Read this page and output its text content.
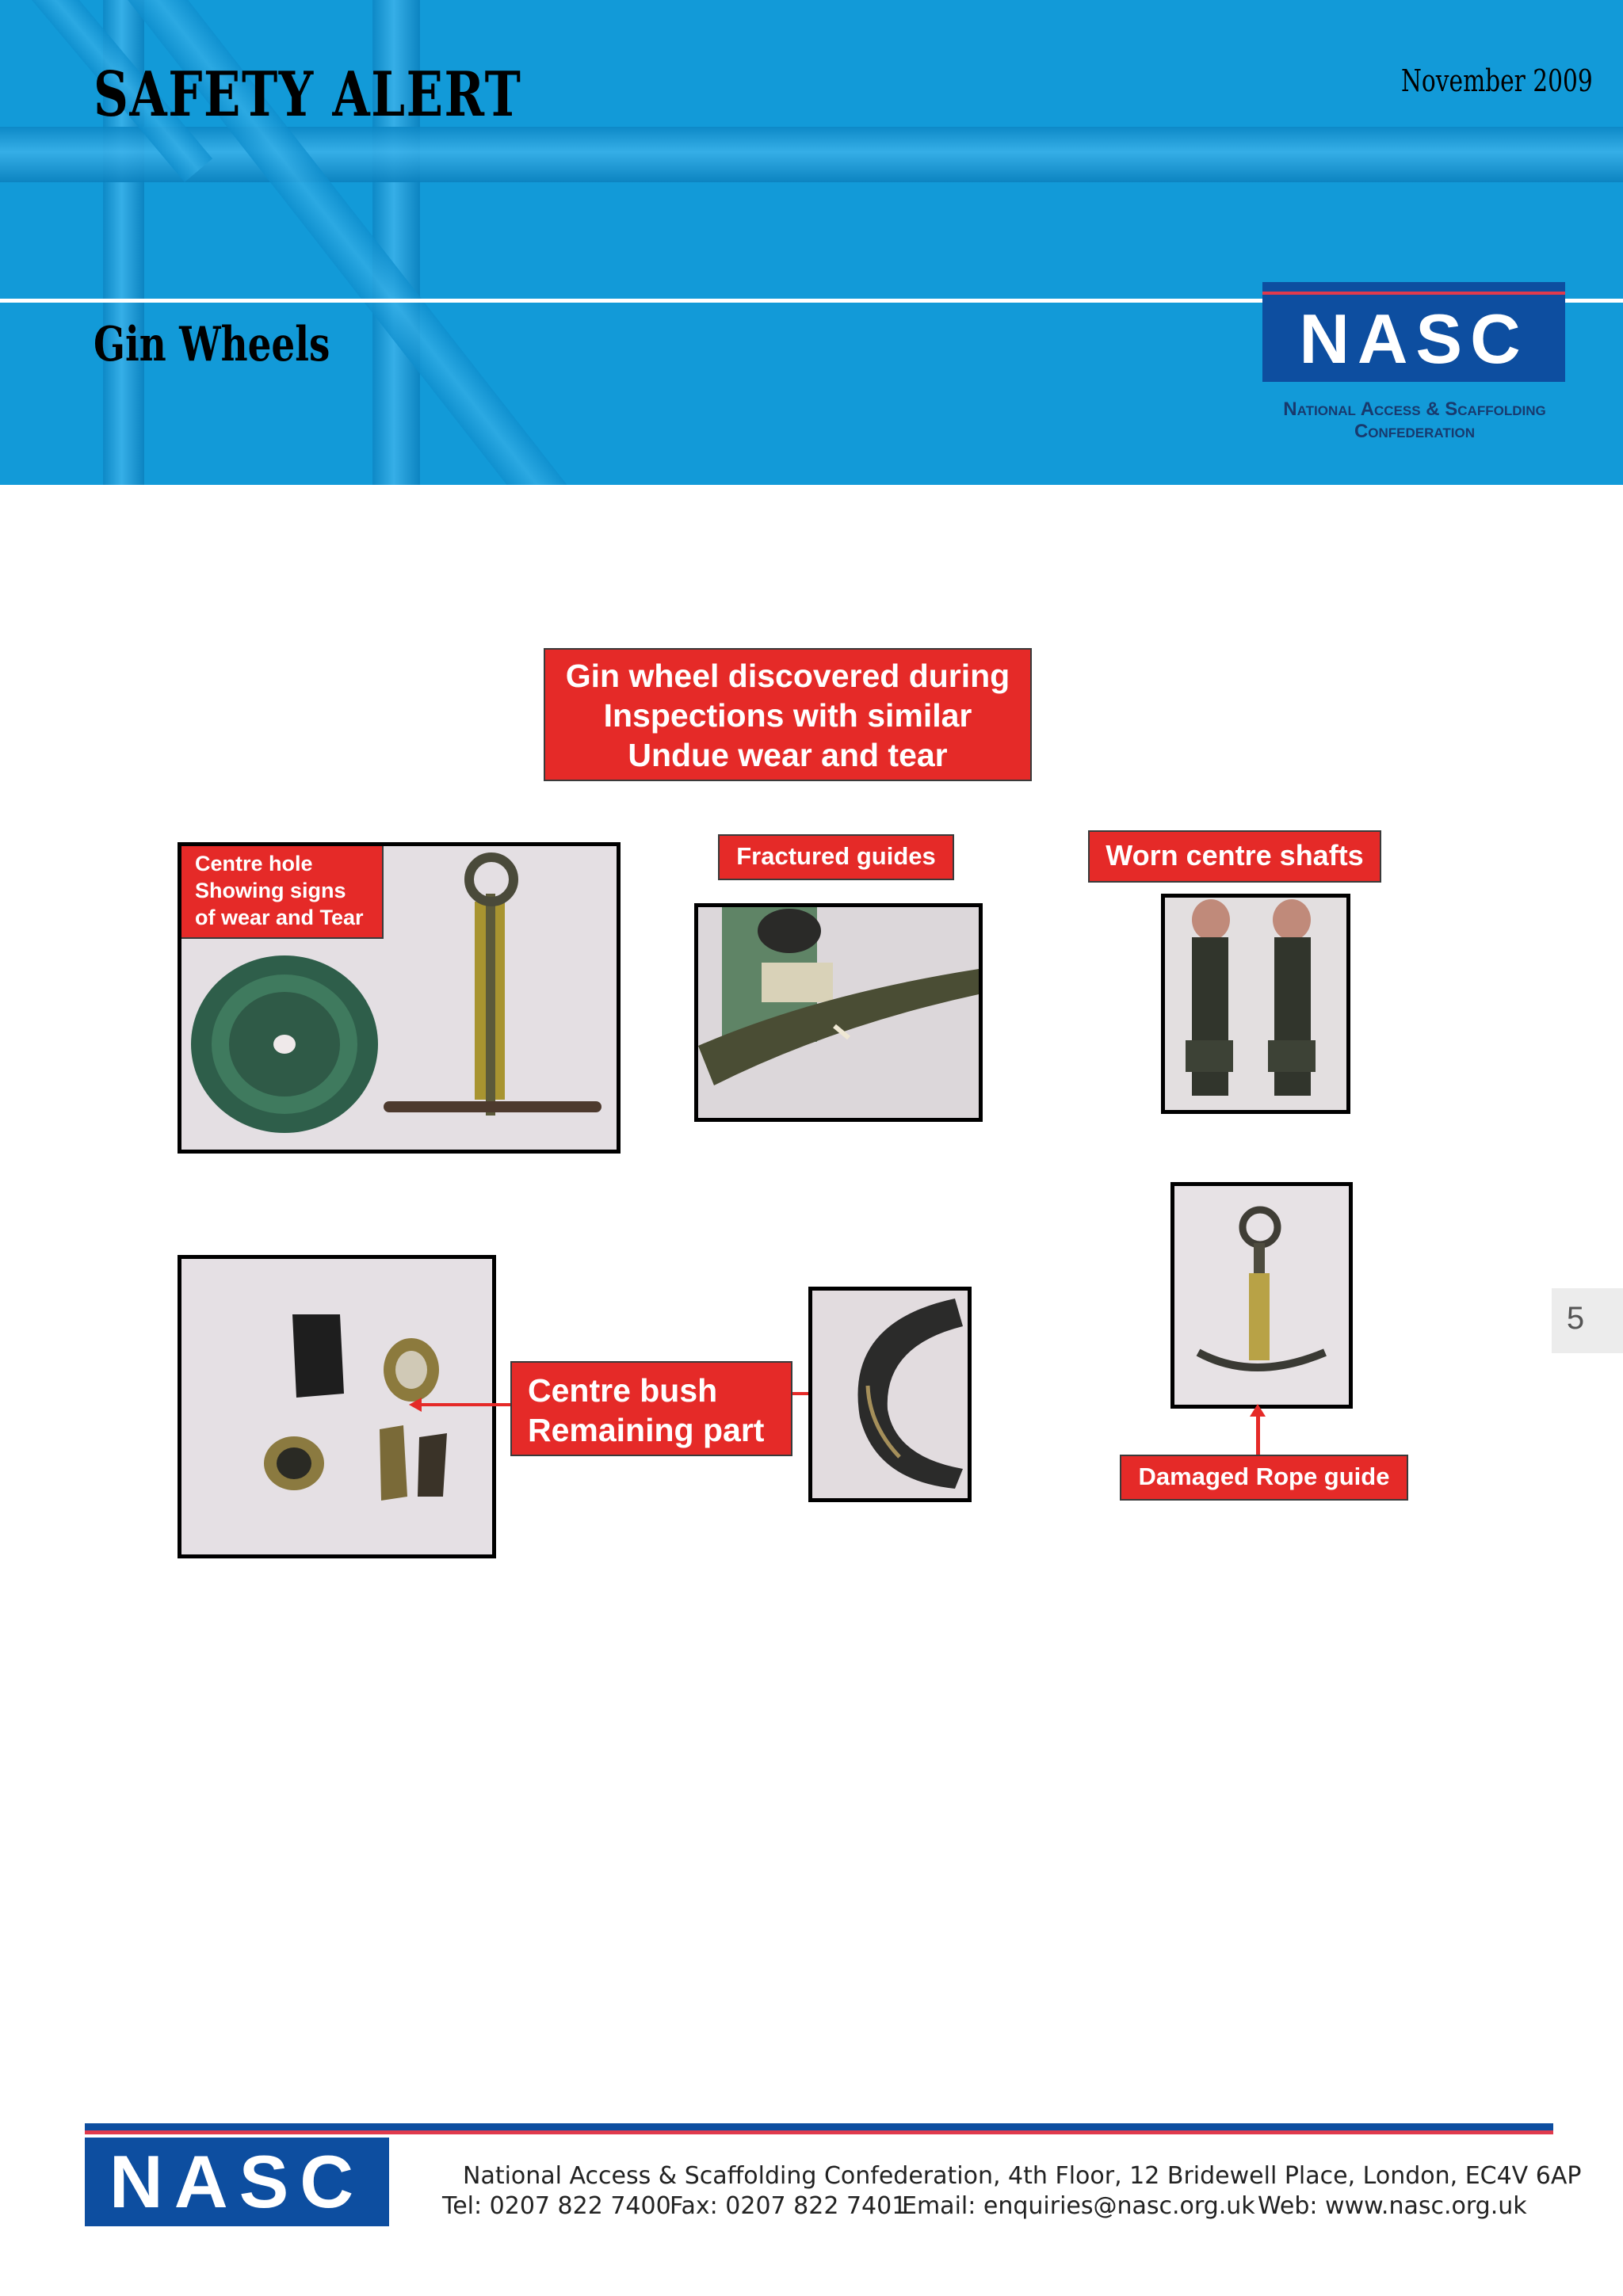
SAFETY ALERT	November 2009
Gin Wheels	NASC
National Access & Scaffolding
Confederation
Gin wheel discovered during
Inspections with similar
Undue wear and tear
Centre hole
Showing signs
of wear and Tear
Fractured guides	Worn centre shafts
Damaged Rope guide
Centre bush
Remaining part
5
NASC	National Access & Scaffolding Confederation, 4th Floor, 12 Bridewell Place, London, EC4V 6AP
Tel: 0207 822 7400
Fax: 0207 822 7401
Email: enquiries@nasc.org.uk Web: www.nasc.org.uk
